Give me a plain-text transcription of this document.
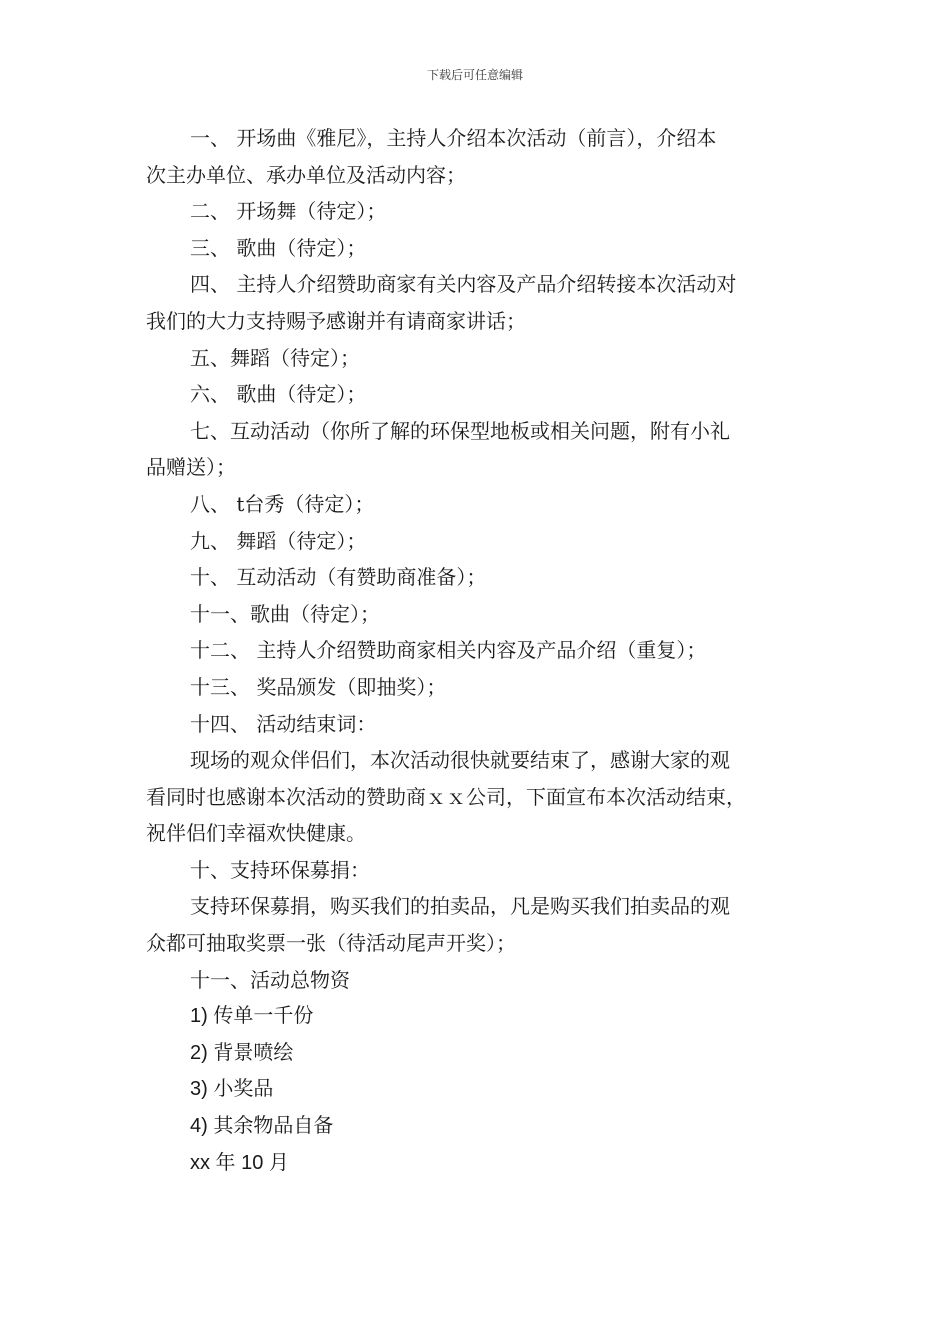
下载后可任意编辑

一、 开场曲《雅尼》，主持人介绍本次活动（前言），介绍本

次主办单位、承办单位及活动内容；

二、 开场舞（待定）；

三、 歌曲（待定）；

四、 主持人介绍赞助商家有关内容及产品介绍转接本次活动对

我们的大力支持赐予感谢并有请商家讲话；

五、舞蹈（待定）；

六、 歌曲（待定）；

七、互动活动（你所了解的环保型地板或相关问题，附有小礼

品赠送）；

八、 t台秀（待定）；

九、 舞蹈（待定）；

十、 互动活动（有赞助商准备）；

十一、歌曲（待定）；

十二、 主持人介绍赞助商家相关内容及产品介绍（重复）；

十三、 奖品颁发（即抽奖）；

十四、 活动结束词：

现场的观众伴侣们，本次活动很快就要结束了，感谢大家的观

看同时也感谢本次活动的赞助商ｘｘ公司，下面宣布本次活动结束，

祝伴侣们幸福欢快健康。

十、支持环保募捐：

支持环保募捐，购买我们的拍卖品，凡是购买我们拍卖品的观

众都可抽取奖票一张（待活动尾声开奖）；

十一、活动总物资

1) 传单一千份

2) 背景喷绘

3) 小奖品

4) 其余物品自备

xx 年 10 月
